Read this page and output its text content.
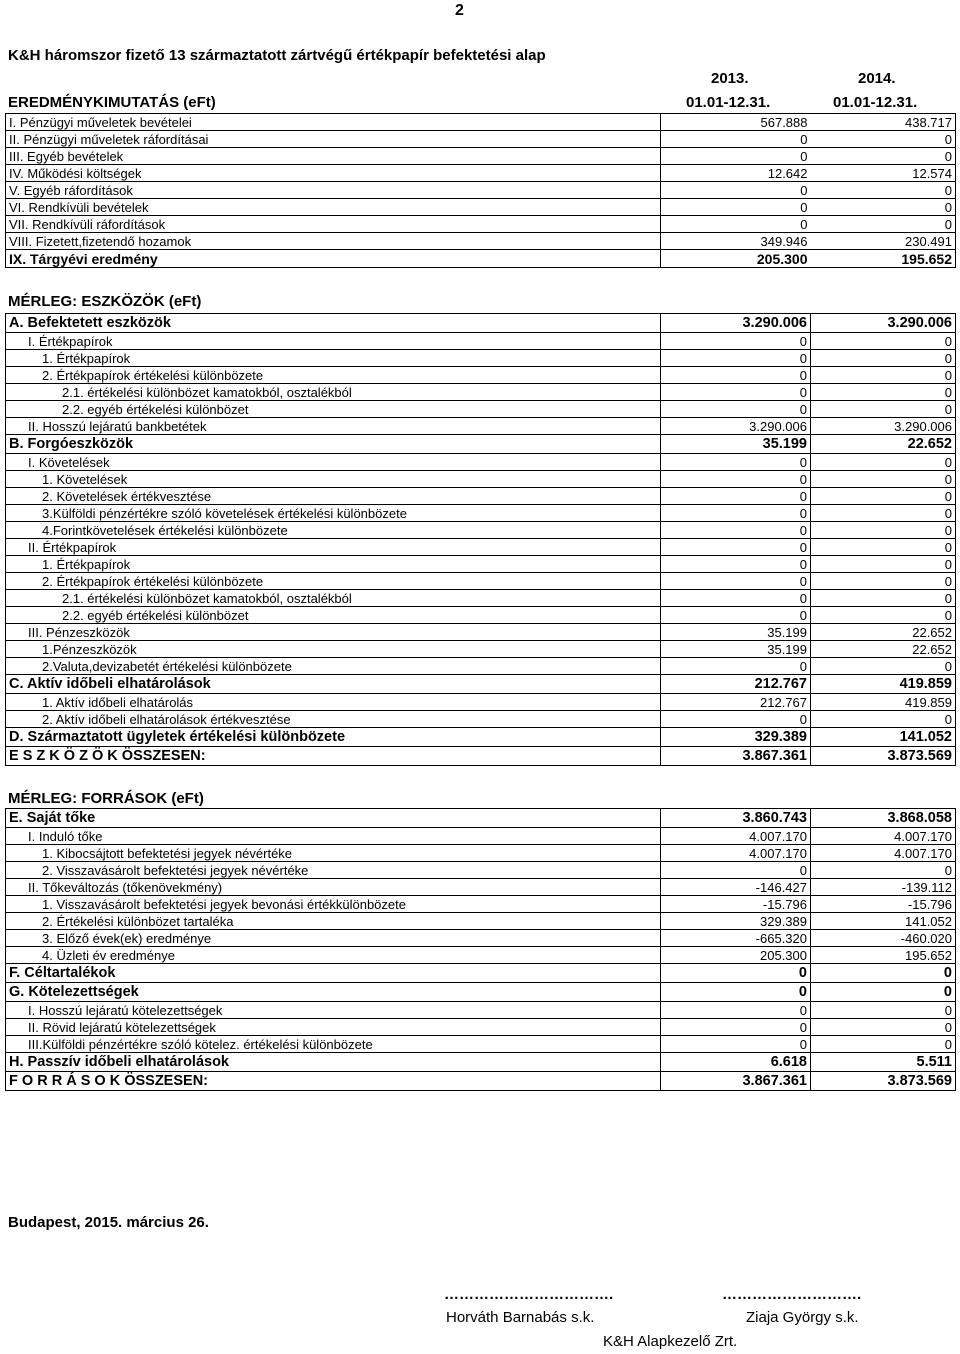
2
K&H háromszor fizető 13 származtatott zártvégű értékpapír befektetési alap
2013.	2014.
EREDMÉNYKIMUTATÁS (eFt)	01.01-12.31.	01.01-12.31.
I. Pénzügyi műveletek bevételei	567.888	438.717
II. Pénzügyi műveletek ráfordításai	0	0
III. Egyéb bevételek	0	0
IV. Működési költségek	12.642	12.574
V. Egyéb ráfordítások	0	0
VI. Rendkívüli bevételek	0	0
VII. Rendkívüli ráfordítások	0	0
VIII. Fizetett,fizetendő hozamok	349.946	230.491
IX. Tárgyévi eredmény	205.300	195.652
MÉRLEG: ESZKÖZÖK (eFt)
A. Befektetett eszközök	3.290.006	3.290.006
I. Értékpapírok	0	0
1. Értékpapírok	0	0
2. Értékpapírok értékelési különbözete	0	0
2.1. értékelési különbözet kamatokból, osztalékból	0	0
2.2. egyéb értékelési különbözet	0	0
II. Hosszú lejáratú bankbetétek	3.290.006	3.290.006
B. Forgóeszközök	35.199	22.652
I. Követelések	0	0
1. Követelések	0	0
2. Követelések értékvesztése	0	0
3.Külföldi pénzértékre szóló követelések értékelési különbözete	0	0
4.Forintkövetelések értékelési különbözete	0	0
II. Értékpapírok	0	0
1. Értékpapírok	0	0
2. Értékpapírok értékelési különbözete	0	0
2.1. értékelési különbözet kamatokból, osztalékból	0	0
2.2. egyéb értékelési különbözet	0	0
III. Pénzeszközök	35.199	22.652
1.Pénzeszközök	35.199	22.652
2.Valuta,devizabetét értékelési különbözete	0	0
C. Aktív időbeli elhatárolások	212.767	419.859
1. Aktív időbeli elhatárolás	212.767	419.859
2. Aktív időbeli elhatárolások értékvesztése	0	0
D. Származtatott ügyletek értékelési különbözete	329.389	141.052
E S Z K Ö Z Ö K ÖSSZESEN:	3.867.361	3.873.569
MÉRLEG: FORRÁSOK (eFt)
E. Saját tőke	3.860.743	3.868.058
I. Induló tőke	4.007.170	4.007.170
1. Kibocsájtott befektetési jegyek névértéke	4.007.170	4.007.170
2. Visszavásárolt befektetési jegyek névértéke	0	0
II. Tőkeváltozás (tőkenövekmény)	-146.427	-139.112
1. Visszavásárolt befektetési jegyek bevonási értékkülönbözete	-15.796	-15.796
2. Értékelési különbözet tartaléka	329.389	141.052
3. Előző évek(ek) eredménye	-665.320	-460.020
4. Üzleti év eredménye	205.300	195.652
F. Céltartalékok	0	0
G. Kötelezettségek	0	0
I. Hosszú lejáratú kötelezettségek	0	0
II. Rövid lejáratú kötelezettségek	0	0
III.Külföldi pénzértékre szóló kötelez. értékelési különbözete	0	0
H. Passzív időbeli elhatárolások	6.618	5.511
F O R R Á S O K ÖSSZESEN:	3.867.361	3.873.569
Budapest, 2015. március 26.
…………………………….	……………………….
Horváth Barnabás s.k.	Ziaja György s.k.
K&H Alapkezelő Zrt.
